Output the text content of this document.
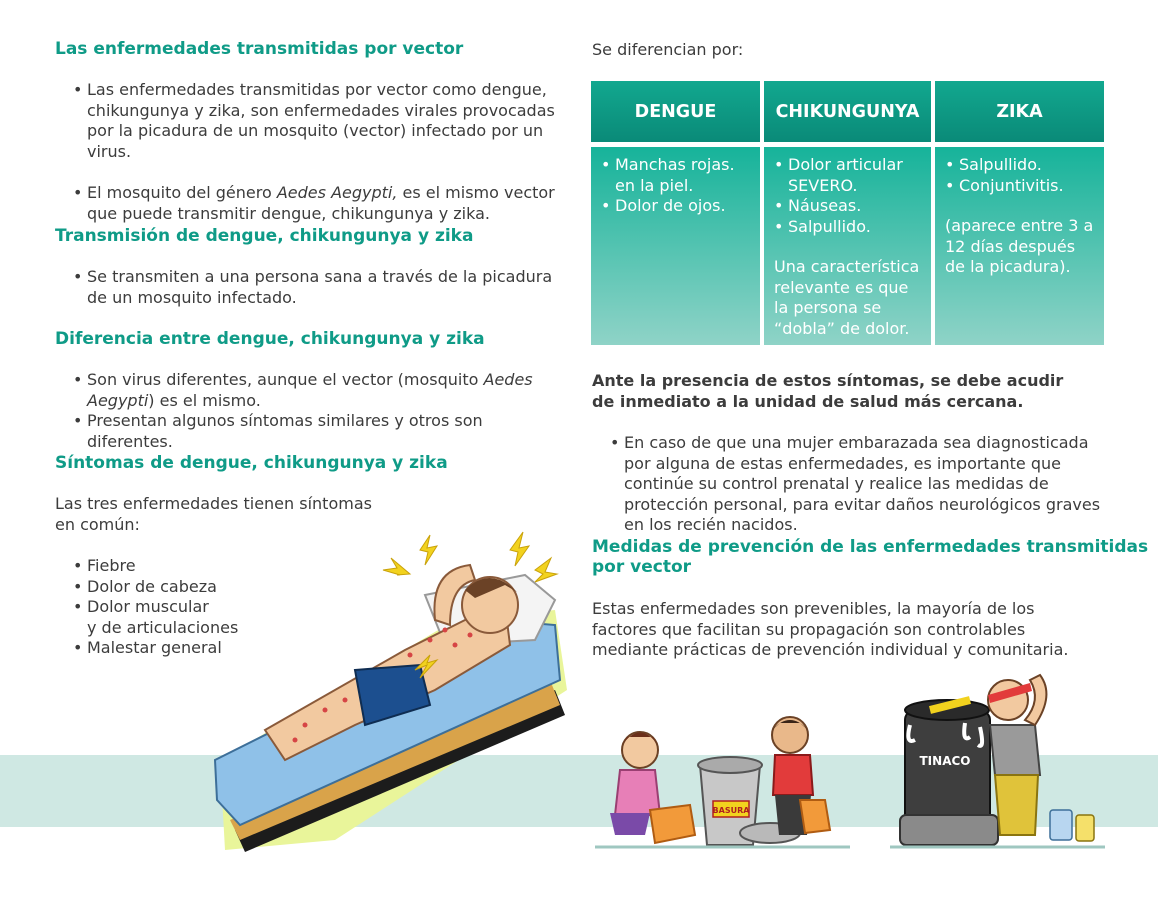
Las enfermedades transmitidas por vector
• Las enfermedades transmitidas por vector como dengue, chikungunya y zika, son enfermedades virales provocadas por la picadura de un mosquito (vector) infectado por un virus.
• El mosquito del género Aedes Aegypti, es el mismo vector que puede transmitir dengue, chikungunya y zika.
Transmisión de dengue, chikungunya y zika
• Se transmiten a una persona sana a través de la picadura de un mosquito infectado.
Diferencia entre dengue, chikungunya y zika
• Son virus diferentes, aunque el vector (mosquito Aedes Aegypti) es el mismo.
• Presentan algunos síntomas similares y otros son diferentes.
Síntomas de dengue, chikungunya y zika
Las tres enfermedades tienen síntomas
en común:
• Fiebre
• Dolor de cabeza
• Dolor muscular
y de articulaciones
• Malestar general
Se diferencian por:
DENGUE
• Manchas rojas. en la piel.
• Dolor de ojos.
CHIKUNGUNYA
• Dolor articular SEVERO.
• Náuseas.
• Salpullido.
Una característica relevante es que la persona se “dobla” de dolor.
ZIKA
• Salpullido.
• Conjuntivitis.
(aparece entre 3 a 12 días después de la picadura).
Ante la presencia de estos síntomas, se debe acudir de inmediato a la unidad de salud más cercana.
• En caso de que una mujer embarazada sea diagnosticada por alguna de estas enfermedades, es importante que continúe su control prenatal y realice las medidas de protección personal, para evitar daños neurológicos graves en los recién nacidos.
Medidas de prevención de las enfermedades transmitidas
por vector
Estas enfermedades son prevenibles, la mayoría de los factores que facilitan su propagación son controlables mediante prácticas de prevención individual y comunitaria.
BASURA
TINACO
